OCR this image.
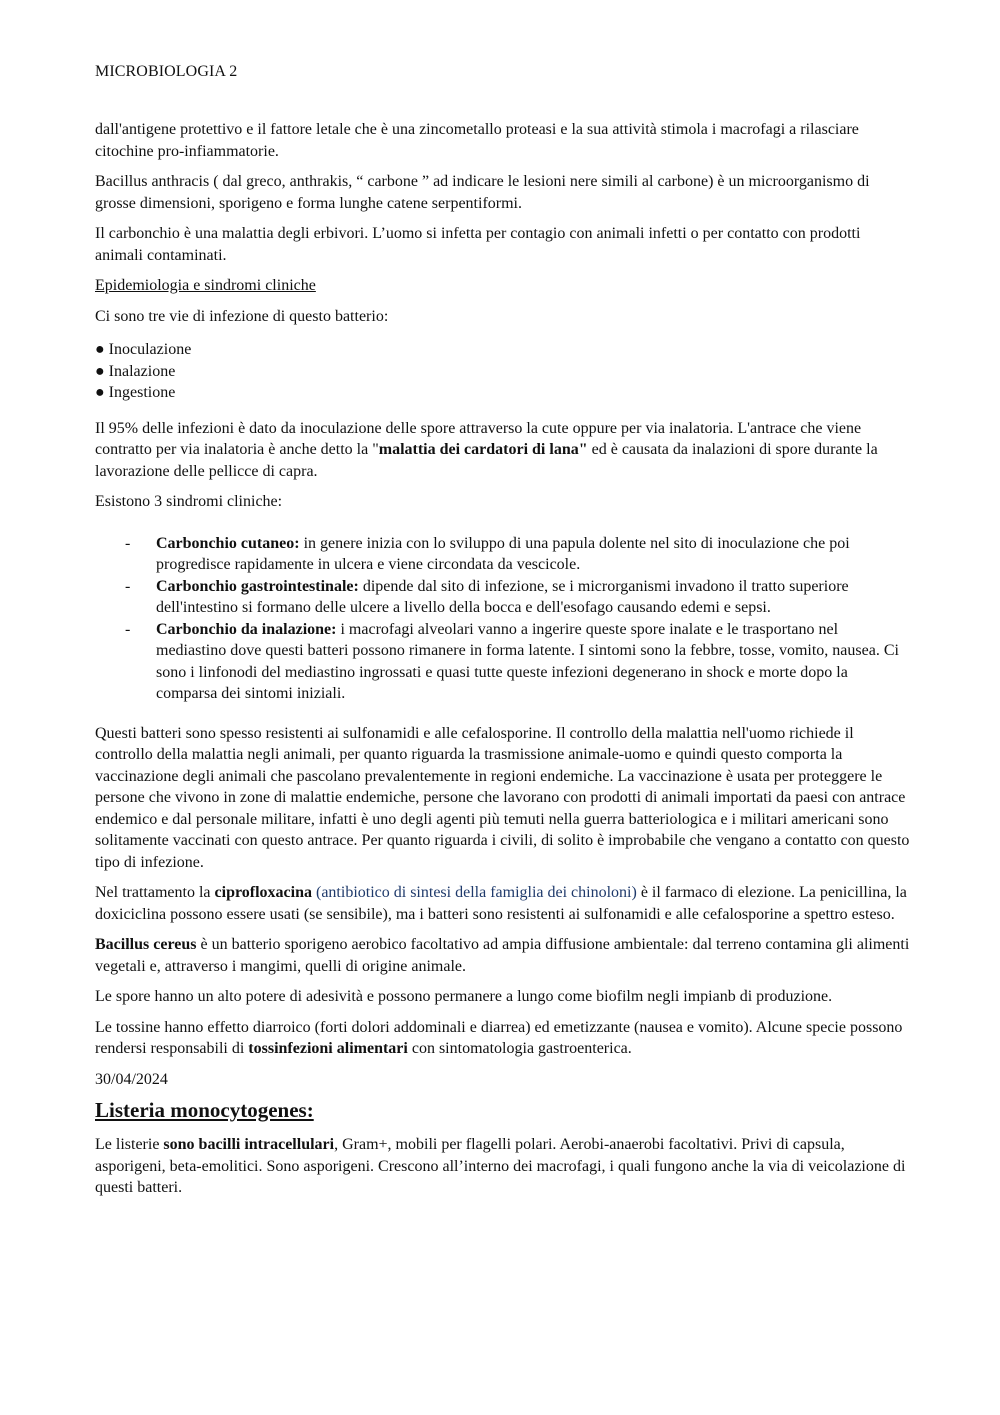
MICROBIOLOGIA 2

dall'antigene protettivo e il fattore letale che è una zincometallo proteasi e la sua attività stimola i macrofagi a rilasciare citochine pro-infiammatorie.

Bacillus anthracis ( dal greco, anthrakis, “ carbone ” ad indicare le lesioni nere simili al carbone) è un microorganismo di grosse dimensioni, sporigeno e forma lunghe catene serpentiformi.

Il carbonchio è una malattia degli erbivori. L’uomo si infetta per contagio con animali infetti o per contatto con prodotti animali contaminati.

Epidemiologia e sindromi cliniche

Ci sono tre vie di infezione di questo batterio:

● Inoculazione
● Inalazione
● Ingestione

Il 95% delle infezioni è dato da inoculazione delle spore attraverso la cute oppure per via inalatoria. L'antrace che viene contratto per via inalatoria è anche detto la "malattia dei cardatori di lana" ed è causata da inalazioni di spore durante la lavorazione delle pellicce di capra.

Esistono 3 sindromi cliniche:

- Carbonchio cutaneo: in genere inizia con lo sviluppo di una papula dolente nel sito di inoculazione che poi progredisce rapidamente in ulcera e viene circondata da vescicole.
- Carbonchio gastrointestinale: dipende dal sito di infezione, se i microrganismi invadono il tratto superiore dell'intestino si formano delle ulcere a livello della bocca e dell'esofago causando edemi e sepsi.
- Carbonchio da inalazione: i macrofagi alveolari vanno a ingerire queste spore inalate e le trasportano nel mediastino dove questi batteri possono rimanere in forma latente. I sintomi sono la febbre, tosse, vomito, nausea. Ci sono i linfonodi del mediastino ingrossati e quasi tutte queste infezioni degenerano in shock e morte dopo la comparsa dei sintomi iniziali.

Questi batteri sono spesso resistenti ai sulfonamidi e alle cefalosporine. Il controllo della malattia nell'uomo richiede il controllo della malattia negli animali, per quanto riguarda la trasmissione animale-uomo e quindi questo comporta la vaccinazione degli animali che pascolano prevalentemente in regioni endemiche. La vaccinazione è usata per proteggere le persone che vivono in zone di malattie endemiche, persone che lavorano con prodotti di animali importati da paesi con antrace endemico e dal personale militare, infatti è uno degli agenti più temuti nella guerra batteriologica e i militari americani sono solitamente vaccinati con questo antrace. Per quanto riguarda i civili, di solito è improbabile che vengano a contatto con questo tipo di infezione.

Nel trattamento la ciprofloxacina (antibiotico di sintesi della famiglia dei chinoloni) è il farmaco di elezione. La penicillina, la doxiciclina possono essere usati (se sensibile), ma i batteri sono resistenti ai sulfonamidi e alle cefalosporine a spettro esteso.

Bacillus cereus è un batterio sporigeno aerobico facoltativo ad ampia diffusione ambientale: dal terreno contamina gli alimenti vegetali e, attraverso i mangimi, quelli di origine animale.

Le spore hanno un alto potere di adesività e possono permanere a lungo come biofilm negli impianb di produzione.

Le tossine hanno effetto diarroico (forti dolori addominali e diarrea) ed emetizzante (nausea e vomito). Alcune specie possono rendersi responsabili di tossinfezioni alimentari con sintomatologia gastroenterica.

30/04/2024

Listeria monocytogenes:

Le listerie sono bacilli intracellulari, Gram+, mobili per flagelli polari. Aerobi-anaerobi facoltativi. Privi di capsula, asporigeni, beta-emolitici. Sono asporigeni. Crescono all’interno dei macrofagi, i quali fungono anche la via di veicolazione di questi batteri.
